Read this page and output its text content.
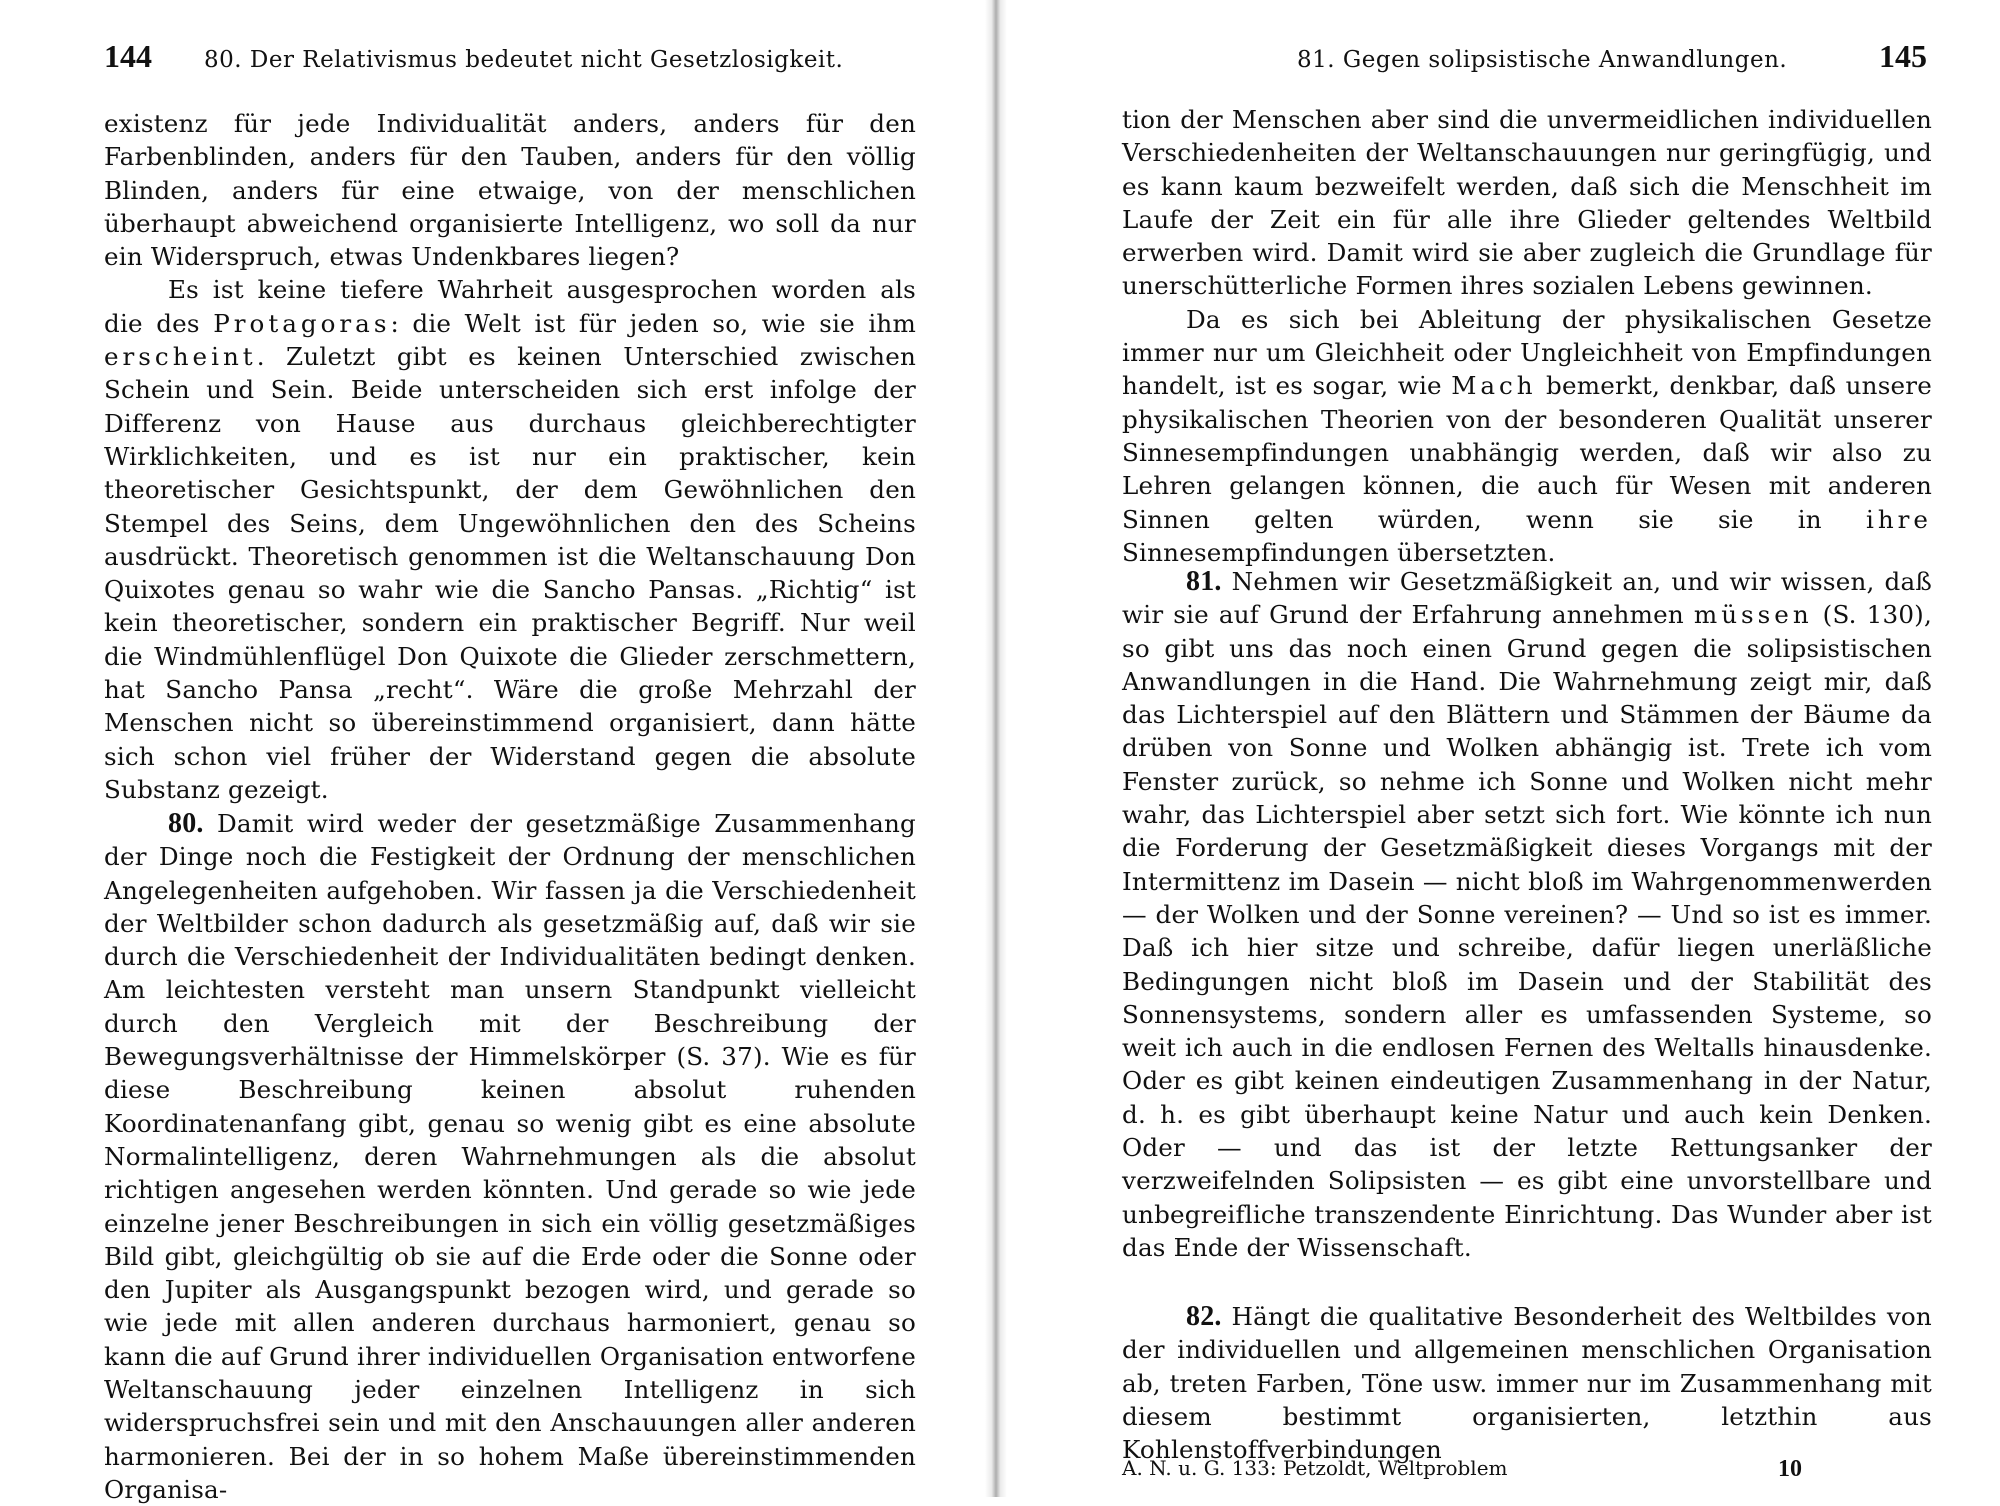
144 80. Der Relativismus bedeutet nicht Gesetzlosigkeit.

existenz für jede Individualität anders, anders für den Farbenblinden, anders für den Tauben, anders für den völlig Blinden, anders für eine etwaige, von der menschlichen überhaupt abweichend organisierte Intelligenz, wo soll da nur ein Widerspruch, etwas Undenkbares liegen?

Es ist keine tiefere Wahrheit ausgesprochen worden als die des Protagoras: die Welt ist für jeden so, wie sie ihm erscheint. Zuletzt gibt es keinen Unterschied zwischen Schein und Sein. Beide unterscheiden sich erst infolge der Differenz von Hause aus durchaus gleichberechtigter Wirklichkeiten, und es ist nur ein praktischer, kein theoretischer Gesichtspunkt, der dem Gewöhnlichen den Stempel des Seins, dem Ungewöhnlichen den des Scheins ausdrückt. Theoretisch genommen ist die Weltanschauung Don Quixotes genau so wahr wie die Sancho Pansas. „Richtig“ ist kein theoretischer, sondern ein praktischer Begriff. Nur weil die Windmühlenflügel Don Quixote die Glieder zerschmettern, hat Sancho Pansa „recht“. Wäre die große Mehrzahl der Menschen nicht so übereinstimmend organisiert, dann hätte sich schon viel früher der Widerstand gegen die absolute Substanz gezeigt.

80. Damit wird weder der gesetzmäßige Zusammenhang der Dinge noch die Festigkeit der Ordnung der menschlichen Angelegenheiten aufgehoben. Wir fassen ja die Verschiedenheit der Weltbilder schon dadurch als gesetzmäßig auf, daß wir sie durch die Verschiedenheit der Individualitäten bedingt denken. Am leichtesten versteht man unsern Standpunkt vielleicht durch den Vergleich mit der Beschreibung der Bewegungsverhältnisse der Himmelskörper (S. 37). Wie es für diese Beschreibung keinen absolut ruhenden Koordinatenanfang gibt, genau so wenig gibt es eine absolute Normalintelligenz, deren Wahrnehmungen als die absolut richtigen angesehen werden könnten. Und gerade so wie jede einzelne jener Beschreibungen in sich ein völlig gesetzmäßiges Bild gibt, gleichgültig ob sie auf die Erde oder die Sonne oder den Jupiter als Ausgangspunkt bezogen wird, und gerade so wie jede mit allen anderen durchaus harmoniert, genau so kann die auf Grund ihrer individuellen Organisation entworfene Weltanschauung jeder einzelnen Intelligenz in sich widerspruchsfrei sein und mit den Anschauungen aller anderen harmonieren. Bei der in so hohem Maße übereinstimmenden Organisa-

81. Gegen solipsistische Anwandlungen.	145

tion der Menschen aber sind die unvermeidlichen individuellen Verschiedenheiten der Weltanschauungen nur geringfügig, und es kann kaum bezweifelt werden, daß sich die Menschheit im Laufe der Zeit ein für alle ihre Glieder geltendes Weltbild erwerben wird. Damit wird sie aber zugleich die Grundlage für unerschütterliche Formen ihres sozialen Lebens gewinnen.

Da es sich bei Ableitung der physikalischen Gesetze immer nur um Gleichheit oder Ungleichheit von Empfindungen handelt, ist es sogar, wie Mach bemerkt, denkbar, daß unsere physikalischen Theorien von der besonderen Qualität unserer Sinnesempfindungen unabhängig werden, daß wir also zu Lehren gelangen können, die auch für Wesen mit anderen Sinnen gelten würden, wenn sie sie in ihre Sinnesempfindungen übersetzten.

81. Nehmen wir Gesetzmäßigkeit an, und wir wissen, daß wir sie auf Grund der Erfahrung annehmen müssen (S. 130), so gibt uns das noch einen Grund gegen die solipsistischen Anwandlungen in die Hand. Die Wahrnehmung zeigt mir, daß das Lichterspiel auf den Blättern und Stämmen der Bäume da drüben von Sonne und Wolken abhängig ist. Trete ich vom Fenster zurück, so nehme ich Sonne und Wolken nicht mehr wahr, das Lichterspiel aber setzt sich fort. Wie könnte ich nun die Forderung der Gesetzmäßigkeit dieses Vorgangs mit der Intermittenz im Dasein — nicht bloß im Wahrgenommenwerden — der Wolken und der Sonne vereinen? — Und so ist es immer. Daß ich hier sitze und schreibe, dafür liegen unerläßliche Bedingungen nicht bloß im Dasein und der Stabilität des Sonnensystems, sondern aller es umfassenden Systeme, so weit ich auch in die endlosen Fernen des Weltalls hinausdenke. Oder es gibt keinen eindeutigen Zusammenhang in der Natur, d. h. es gibt überhaupt keine Natur und auch kein Denken. Oder — und das ist der letzte Rettungsanker der verzweifelnden Solipsisten — es gibt eine unvorstellbare und unbegreifliche transzendente Einrichtung. Das Wunder aber ist das Ende der Wissenschaft.

82. Hängt die qualitative Besonderheit des Weltbildes von der individuellen und allgemeinen menschlichen Organisation ab, treten Farben, Töne usw. immer nur im Zusammenhang mit diesem bestimmt organisierten, letzthin aus Kohlenstoffverbindungen

A. N. u. G. 133: Petzoldt, Weltproblem	10
